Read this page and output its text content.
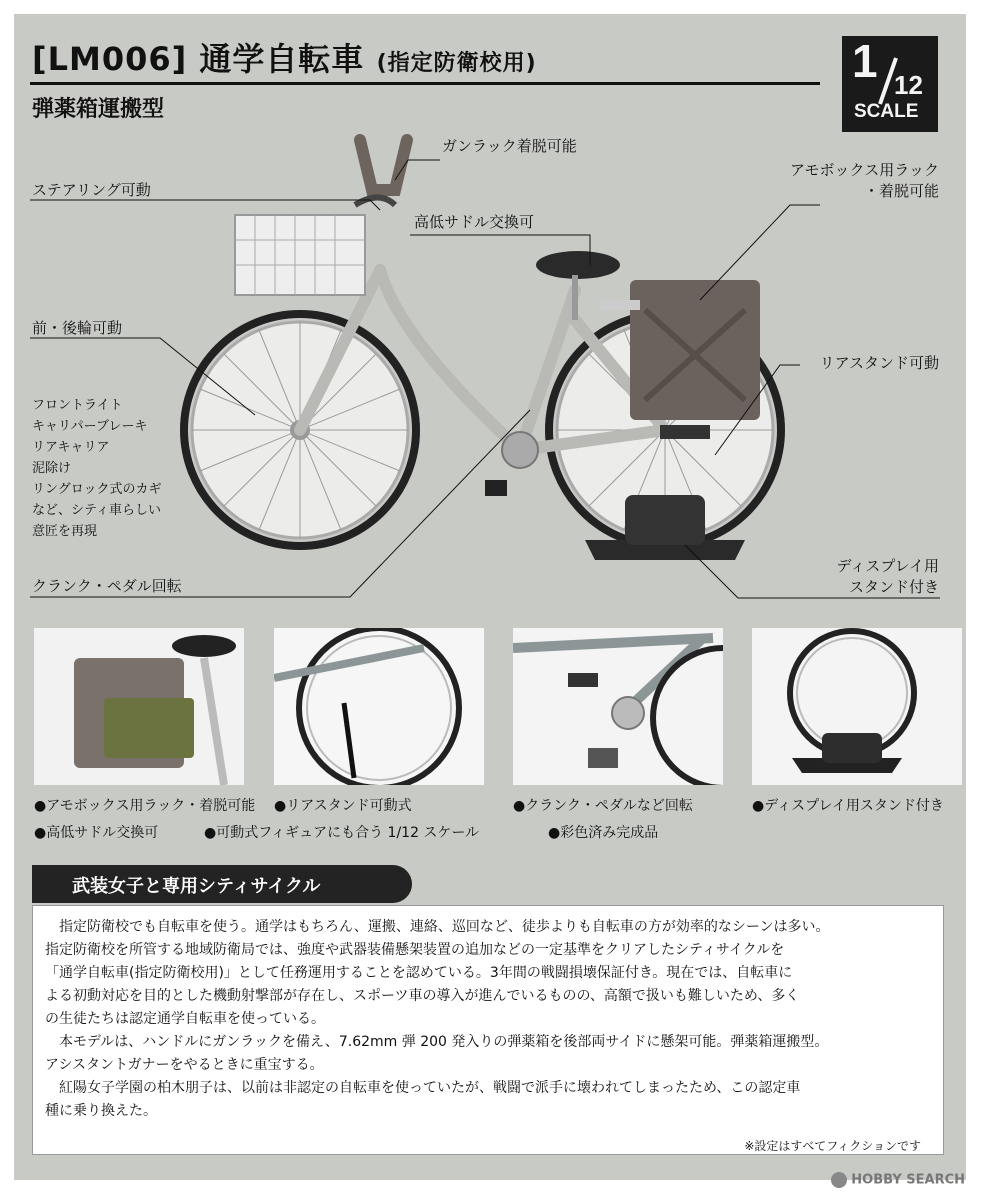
[LM006] 通学自転車 (指定防衛校用)
弾薬箱運搬型
1 12
SCALE
ガンラック着脱可能
ステアリング可動
高低サドル交換可
アモボックス用ラック
・着脱可能
前・後輪可動
リアスタンド可動
フロントライト
キャリパーブレーキ
リアキャリア
泥除け
リングロック式のカギ
など、シティ車らしい
意匠を再現
クランク・ペダル回転
ディスプレイ用
スタンド付き
●アモボックス用ラック・着脱可能 ●リアスタンド可動式	●クランク・ペダルなど回転	●ディスプレイ用スタンド付き
●高低サドル交換可	●可動式フィギュアにも合う 1/12 スケール	●彩色済み完成品
武装女子と専用シティサイクル

　指定防衛校でも自転車を使う。通学はもちろん、運搬、連絡、巡回など、徒歩よりも自転車の方が効率的なシーンは多い。

指定防衛校を所管する地域防衛局では、強度や武器装備懸架装置の追加などの一定基準をクリアしたシティサイクルを

「通学自転車(指定防衛校用)」として任務運用することを認めている。3年間の戦闘損壊保証付き。現在では、自転車に

よる初動対応を目的とした機動射撃部が存在し、スポーツ車の導入が進んでいるものの、高額で扱いも難しいため、多く

の生徒たちは認定通学自転車を使っている。

　本モデルは、ハンドルにガンラックを備え、7.62mm 弾 200 発入りの弾薬箱を後部両サイドに懸架可能。弾薬箱運搬型。

アシスタントガナーをやるときに重宝する。

　紅陽女子学園の柏木朋子は、以前は非認定の自転車を使っていたが、戦闘で派手に壊われてしまったため、この認定車

種に乗り換えた。

※設定はすべてフィクションです
HOBBY SEARCH
